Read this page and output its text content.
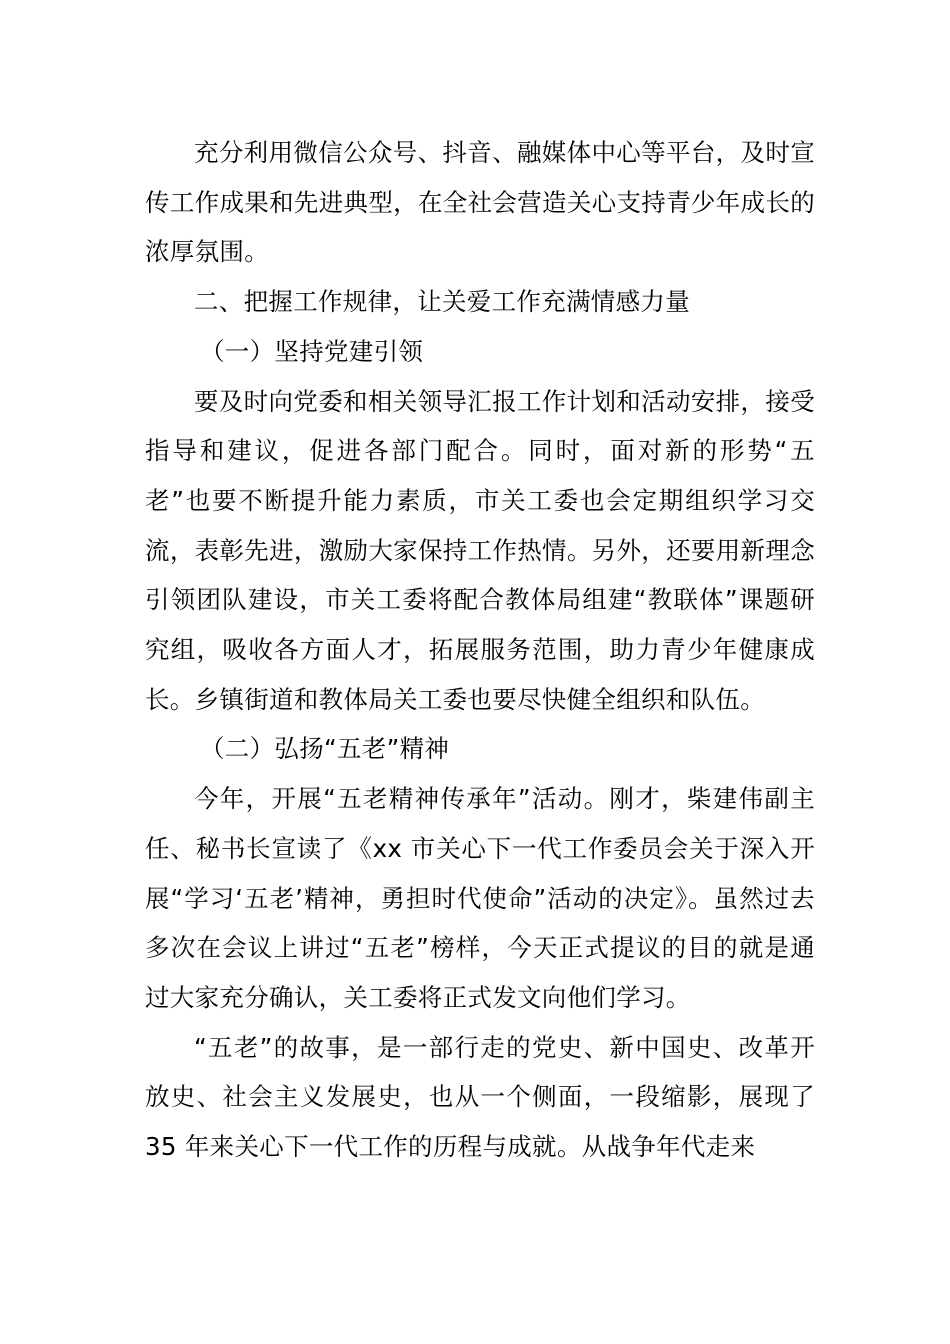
充分利用微信公众号、抖音、融媒体中心等平台，及时宣传工作成果和先进典型，在全社会营造关心支持青少年成长的浓厚氛围。

二、把握工作规律，让关爱工作充满情感力量

（一）坚持党建引领

要及时向党委和相关领导汇报工作计划和活动安排，接受指导和建议，促进各部门配合。同时，面对新的形势“五老”也要不断提升能力素质，市关工委也会定期组织学习交流，表彰先进，激励大家保持工作热情。另外，还要用新理念引领团队建设，市关工委将配合教体局组建“教联体”课题研究组，吸收各方面人才，拓展服务范围，助力青少年健康成长。乡镇街道和教体局关工委也要尽快健全组织和队伍。

（二）弘扬“五老”精神

今年，开展“五老精神传承年”活动。刚才，柴建伟副主任、秘书长宣读了《xx 市关心下一代工作委员会关于深入开展“学习‘五老’精神，勇担时代使命”活动的决定》。虽然过去多次在会议上讲过“五老”榜样，今天正式提议的目的就是通过大家充分确认，关工委将正式发文向他们学习。

“五老”的故事，是一部行走的党史、新中国史、改革开放史、社会主义发展史，也从一个侧面，一段缩影，展现了 35 年来关心下一代工作的历程与成就。从战争年代走来
